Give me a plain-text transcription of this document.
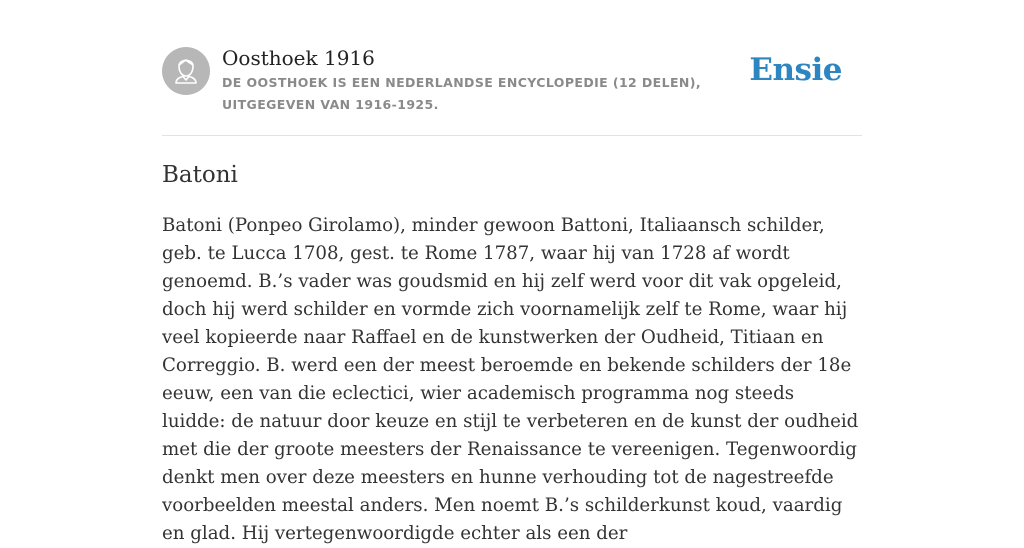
Oosthoek 1916
DE OOSTHOEK IS EEN NEDERLANDSE ENCYCLOPEDIE (12 DELEN), UITGEGEVEN VAN 1916-1925.
Ensie
Batoni

Batoni (Ponpeo Girolamo), minder gewoon Battoni, Italiaansch schilder, geb. te Lucca 1708, gest. te Rome 1787, waar hij van 1728 af wordt genoemd. B.’s vader was goudsmid en hij zelf werd voor dit vak opgeleid, doch hij werd schilder en vormde zich voornamelijk zelf te Rome, waar hij veel kopieerde naar Raffael en de kunstwerken der Oudheid, Titiaan en Correggio. B. werd een der meest beroemde en bekende schilders der 18e eeuw, een van die eclectici, wier academisch programma nog steeds luidde: de natuur door keuze en stijl te verbeteren en de kunst der oudheid met die der groote meesters der Renaissance te vereenigen. Tegenwoordig denkt men over deze meesters en hunne verhouding tot de nagestreefde voorbeelden meestal anders. Men noemt B.’s schilderkunst koud, vaardig en glad. Hij vertegenwoordigde echter als een der
